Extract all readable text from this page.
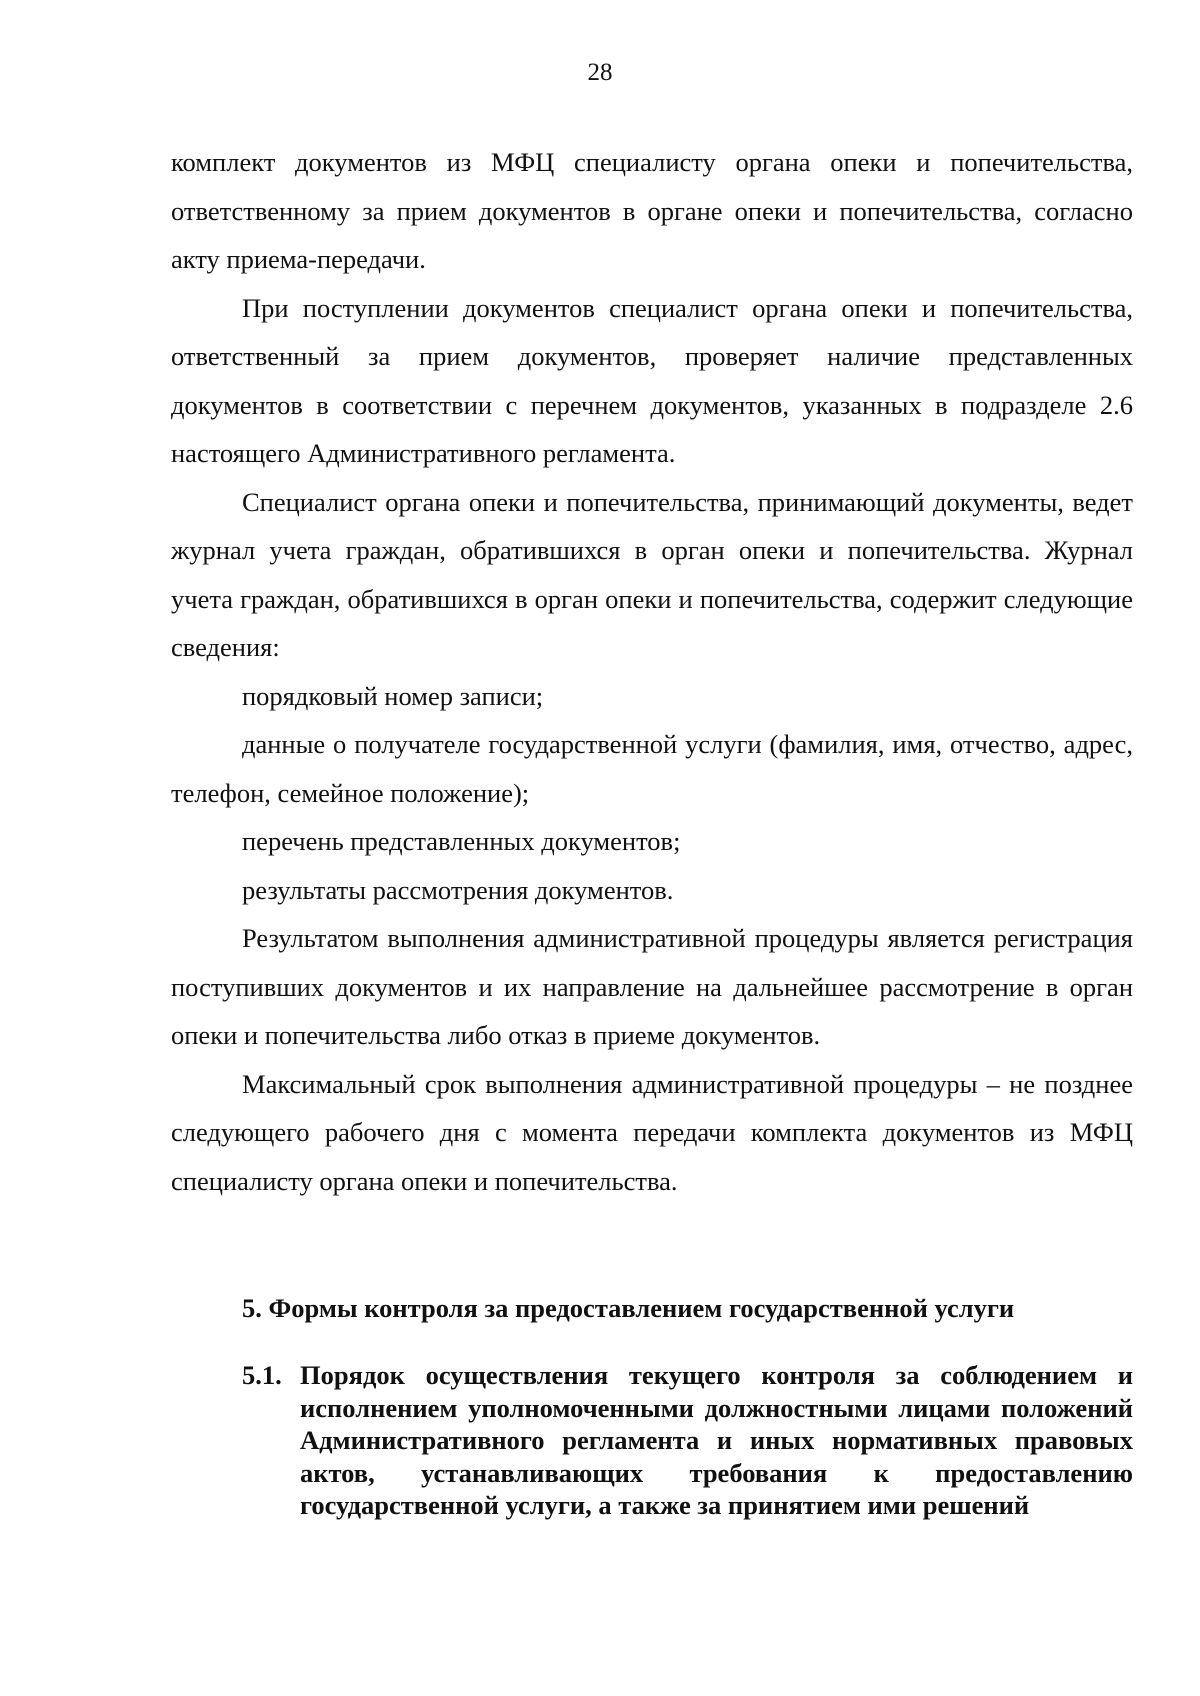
28

комплект документов из МФЦ специалисту органа опеки и попечительства, ответственному за прием документов в органе опеки и попечительства, согласно акту приема-передачи.

При поступлении документов специалист органа опеки и попечительства, ответственный за прием документов, проверяет наличие представленных документов в соответствии с перечнем документов, указанных в подразделе 2.6 настоящего Административного регламента.

Специалист органа опеки и попечительства, принимающий документы, ведет журнал учета граждан, обратившихся в орган опеки и попечительства. Журнал учета граждан, обратившихся в орган опеки и попечительства, содержит следующие сведения:

порядковый номер записи;

данные о получателе государственной услуги (фамилия, имя, отчество, адрес, телефон, семейное положение);

перечень представленных документов;

результаты рассмотрения документов.

Результатом выполнения административной процедуры является регистрация поступивших документов и их направление на дальнейшее рассмотрение в орган опеки и попечительства либо отказ в приеме документов.

Максимальный срок выполнения административной процедуры – не позднее следующего рабочего дня с момента передачи комплекта документов из МФЦ специалисту органа опеки и попечительства.

5. Формы контроля за предоставлением государственной услуги
5.1. Порядок осуществления текущего контроля за соблюдением и исполнением уполномоченными должностными лицами положений Административного регламента и иных нормативных правовых актов, устанавливающих требования к предоставлению государственной услуги, а также за принятием ими решений
